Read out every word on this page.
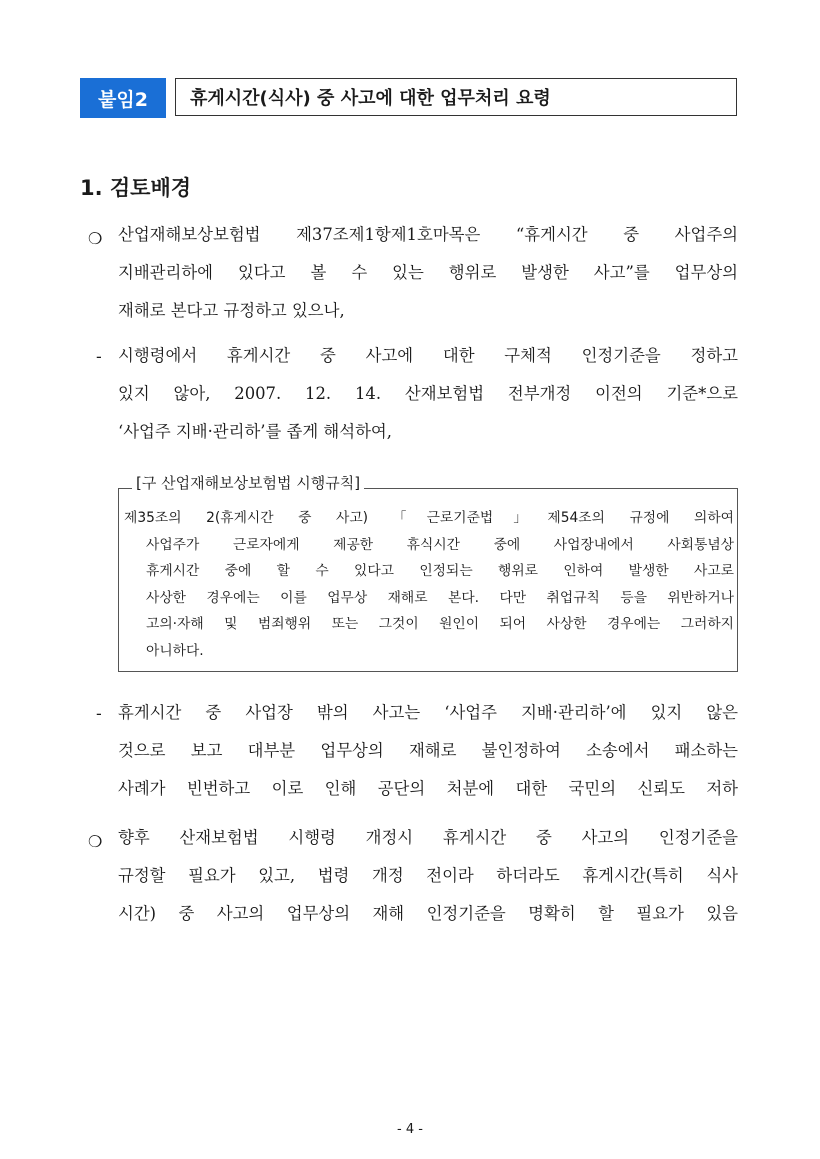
붙임2	휴게시간(식사) 중 사고에 대한 업무처리 요령
1. 검토배경
❍ 산업재해보상보험법 제37조제1항제1호마목은 “휴게시간 중 사업주의
지배관리하에 있다고 볼 수 있는 행위로 발생한 사고”를 업무상의
재해로 본다고 규정하고 있으나,
- 시행령에서 휴게시간 중 사고에 대한 구체적 인정기준을 정하고
있지 않아, 2007. 12. 14. 산재보험법 전부개정 이전의 기준*으로
‘사업주 지배·관리하’를 좁게 해석하여,
[구 산업재해보상보험법 시행규칙]
제35조의 2(휴게시간 중 사고) 「근로기준법」제54조의 규정에 의하여
사업주가 근로자에게 제공한 휴식시간 중에 사업장내에서 사회통념상
휴게시간 중에 할 수 있다고 인정되는 행위로 인하여 발생한 사고로
사상한 경우에는 이를 업무상 재해로 본다. 다만 취업규칙 등을 위반하거나
고의·자해 및 범죄행위 또는 그것이 원인이 되어 사상한 경우에는 그러하지
아니하다.
- 휴게시간 중 사업장 밖의 사고는 ‘사업주 지배·관리하’에 있지 않은
것으로 보고 대부분 업무상의 재해로 불인정하여 소송에서 패소하는
사례가 빈번하고 이로 인해 공단의 처분에 대한 국민의 신뢰도 저하
❍ 향후 산재보험법 시행령 개정시 휴게시간 중 사고의 인정기준을
규정할 필요가 있고, 법령 개정 전이라 하더라도 휴게시간(특히 식사
시간) 중 사고의 업무상의 재해 인정기준을 명확히 할 필요가 있음
- 4 -
